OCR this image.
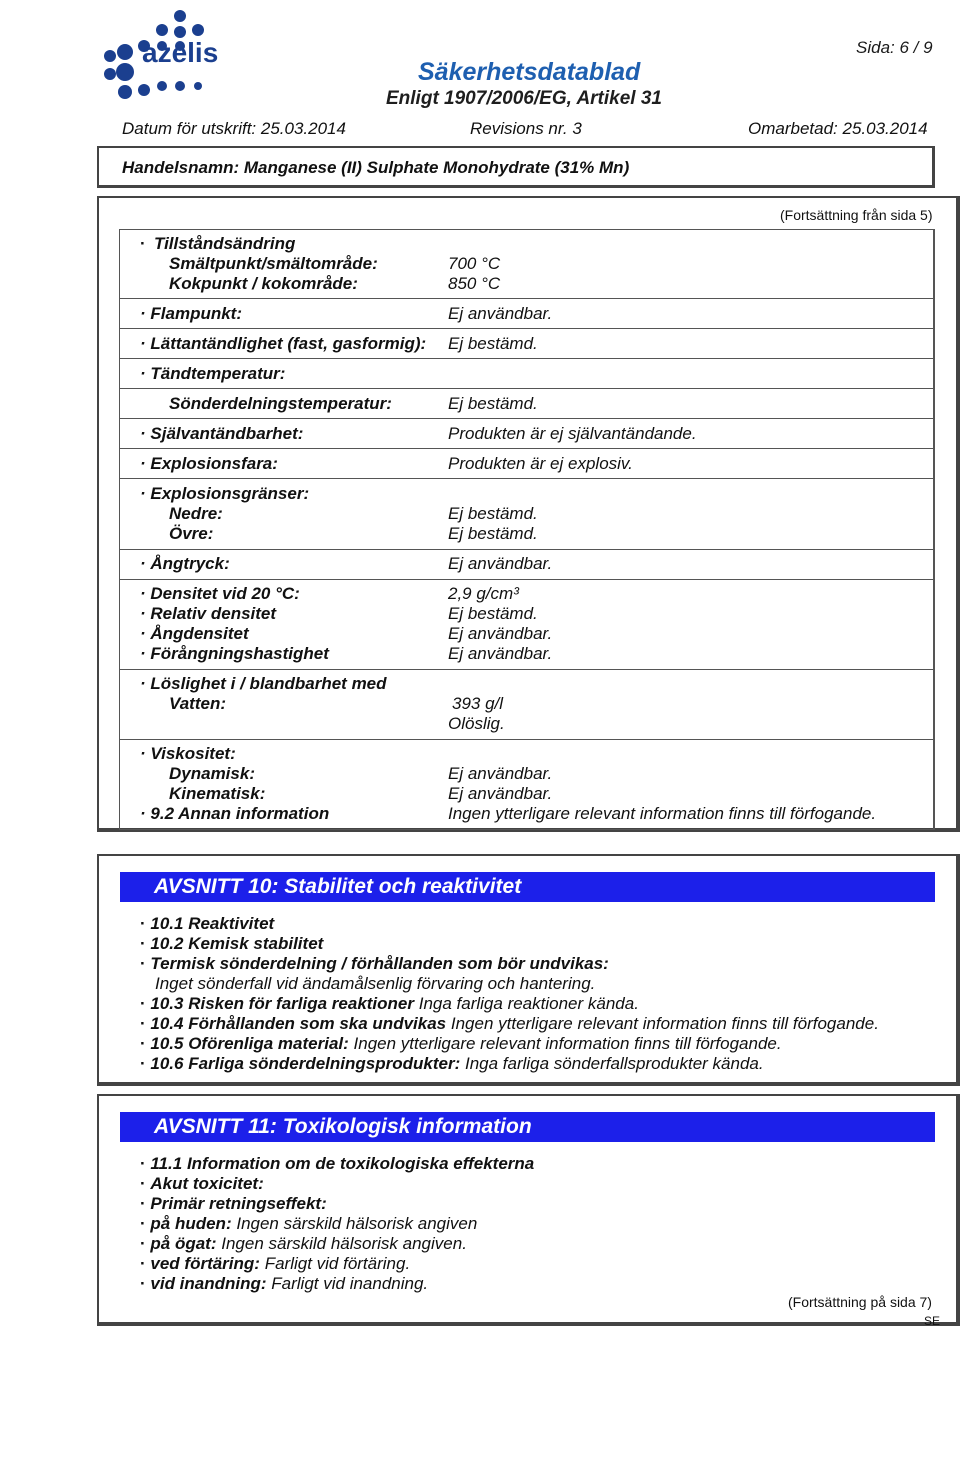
azelis	Sida: 6 / 9
Säkerhetsdatablad
Enligt 1907/2006/EG, Artikel 31
Datum för utskrift: 25.03.2014	Revisions nr. 3	Omarbetad: 25.03.2014
Handelsnamn: Manganese (II) Sulphate Monohydrate (31% Mn)
(Fortsättning från sida 5)
· Tillståndsändring
Smältpunkt/smältområde:	700 °C
Kokpunkt / kokområde:	850 °C
· Flampunkt:	Ej användbar.
· Lättantändlighet (fast, gasformig): Ej bestämd.
· Tändtemperatur:
Sönderdelningstemperatur:	Ej bestämd.
· Självantändbarhet:	Produkten är ej självantändande.
· Explosionsfara:	Produkten är ej explosiv.
· Explosionsgränser:
Nedre:	Ej bestämd.
Övre:	Ej bestämd.
· Ångtryck:	Ej användbar.
· Densitet vid 20 °C:	2,9 g/cm³
· Relativ densitet	Ej bestämd.
· Ångdensitet	Ej användbar.
· Förångningshastighet	Ej användbar.
· Löslighet i / blandbarhet med
Vatten:	393 g/l
Olöslig.
· Viskositet:
Dynamisk:	Ej användbar.
Kinematisk:	Ej användbar.
· 9.2 Annan information	Ingen ytterligare relevant information finns till förfogande.
AVSNITT 10: Stabilitet och reaktivitet
· 10.1 Reaktivitet
· 10.2 Kemisk stabilitet
· Termisk sönderdelning / förhållanden som bör undvikas:
Inget sönderfall vid ändamålsenlig förvaring och hantering.
· 10.3 Risken för farliga reaktioner Inga farliga reaktioner kända.
· 10.4 Förhållanden som ska undvikas Ingen ytterligare relevant information finns till förfogande.
· 10.5 Oförenliga material: Ingen ytterligare relevant information finns till förfogande.
· 10.6 Farliga sönderdelningsprodukter: Inga farliga sönderfallsprodukter kända.
AVSNITT 11: Toxikologisk information
· 11.1 Information om de toxikologiska effekterna
· Akut toxicitet:
· Primär retningseffekt:
· på huden: Ingen särskild hälsorisk angiven
· på ögat: Ingen särskild hälsorisk angiven.
· ved förtäring: Farligt vid förtäring.
· vid inandning: Farligt vid inandning.
(Fortsättning på sida 7)
SE
